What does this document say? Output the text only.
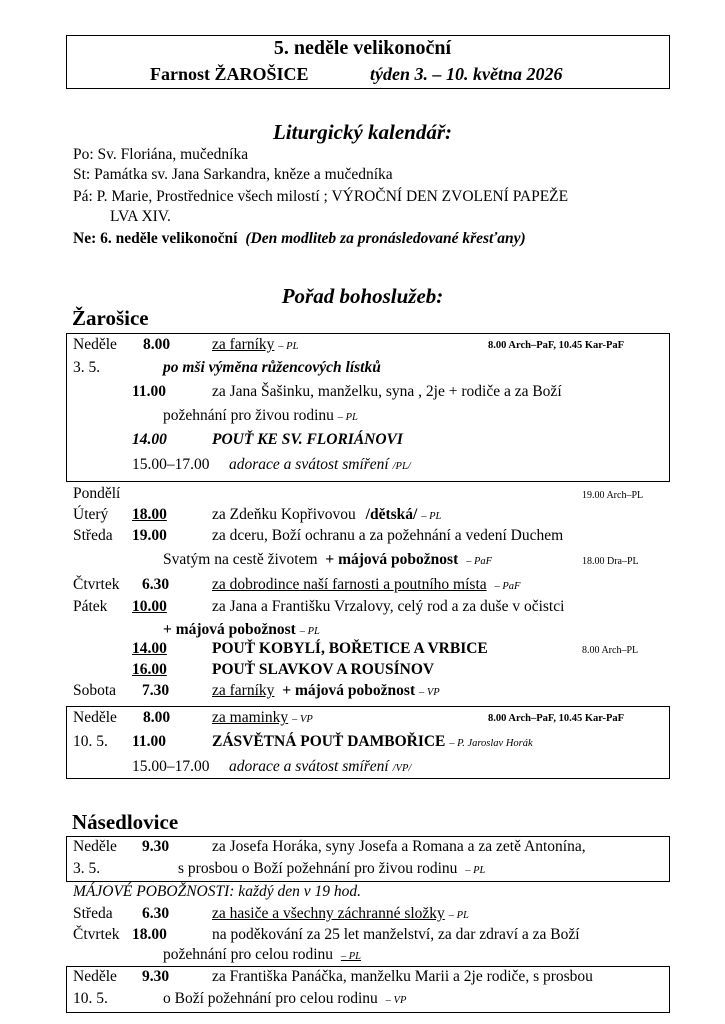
5. neděle velikonoční
Farnost ŽAROŠICE	týden 3. – 10. května 2026
Liturgický kalendář:
Po: Sv. Floriána, mučedníka
St: Památka sv. Jana Sarkandra, kněze a mučedníka
Pá: P. Marie, Prostřednice všech milostí ; VÝROČNÍ DEN ZVOLENÍ PAPEŽE
LVA XIV.
Ne: 6. neděle velikonoční (Den modliteb za pronásledované křesťany)
Pořad bohoslužeb:
Žarošice
Neděle 8.00	za farníky – PL	8.00 Arch–PaF, 10.45 Kar-PaF
3. 5.	po mši výměna růžencových lístků
11.00	za Jana Šašinku, manželku, syna , 2je + rodiče a za Boží
požehnání pro živou rodinu – PL
14.00	POUŤ KE SV. FLORIÁNOVI
15.00–17.00 adorace a svátost smíření /PL/
Pondělí	19.00 Arch–PL
Úterý 18.00	za Zdeňku Kopřivovou /dětská/ – PL
Středa 19.00	za dceru, Boží ochranu a za požehnání a vedení Duchem
Svatým na cestě životem + májová pobožnost – PaF	18.00 Dra–PL
Čtvrtek 6.30	za dobrodince naší farnosti a poutního místa – PaF
Pátek 10.00	za Jana a Františku Vrzalovy, celý rod a za duše v očistci
+ májová pobožnost – PL
14.00	POUŤ KOBYLÍ, BOŘETICE A VRBICE	8.00 Arch–PL
16.00	POUŤ SLAVKOV A ROUSÍNOV
Sobota 7.30	za farníky + májová pobožnost – VP
Neděle 8.00	za maminky – VP	8.00 Arch–PaF, 10.45 Kar-PaF
10. 5. 11.00	ZÁSVĚTNÁ POUŤ DAMBOŘICE – P. Jaroslav Horák
15.00–17.00 adorace a svátost smíření /VP/
Násedlovice
Neděle 9.30	za Josefa Horáka, syny Josefa a Romana a za zetě Antonína,
3. 5.	s prosbou o Boží požehnání pro živou rodinu – PL
MÁJOVÉ POBOŽNOSTI: každý den v 19 hod.
Středa 6.30	za hasiče a všechny záchranné složky – PL
Čtvrtek 18.00	na poděkování za 25 let manželství, za dar zdraví a za Boží
požehnání pro celou rodinu – PL
Neděle 9.30	za Františka Panáčka, manželku Marii a 2je rodiče, s prosbou
10. 5.	o Boží požehnání pro celou rodinu – VP
